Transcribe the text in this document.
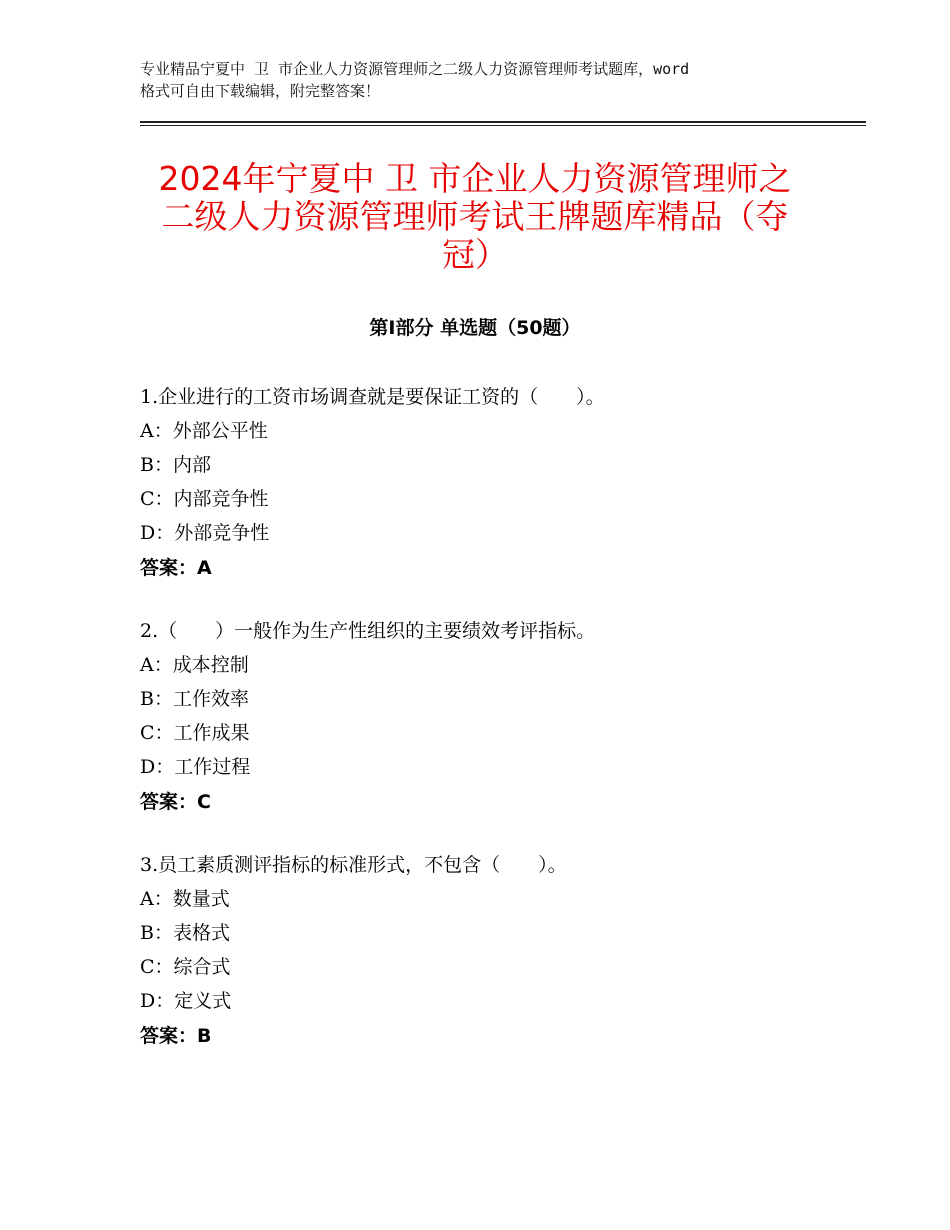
专业精品宁夏中 卫 市企业人力资源管理师之二级人力资源管理师考试题库，word
格式可自由下载编辑，附完整答案！
2024年宁夏中 卫 市企业人力资源管理师之
二级人力资源管理师考试王牌题库精品（夺
冠）
第Ⅰ部分 单选题（50题）
1.企业进行的工资市场调查就是要保证工资的（　　）。
A：外部公平性
B：内部
C：内部竞争性
D：外部竞争性
答案：A
2.（　　）一般作为生产性组织的主要绩效考评指标。
A：成本控制
B：工作效率
C：工作成果
D：工作过程
答案：C
3.员工素质测评指标的标准形式，不包含（　　）。
A：数量式
B：表格式
C：综合式
D：定义式
答案：B
